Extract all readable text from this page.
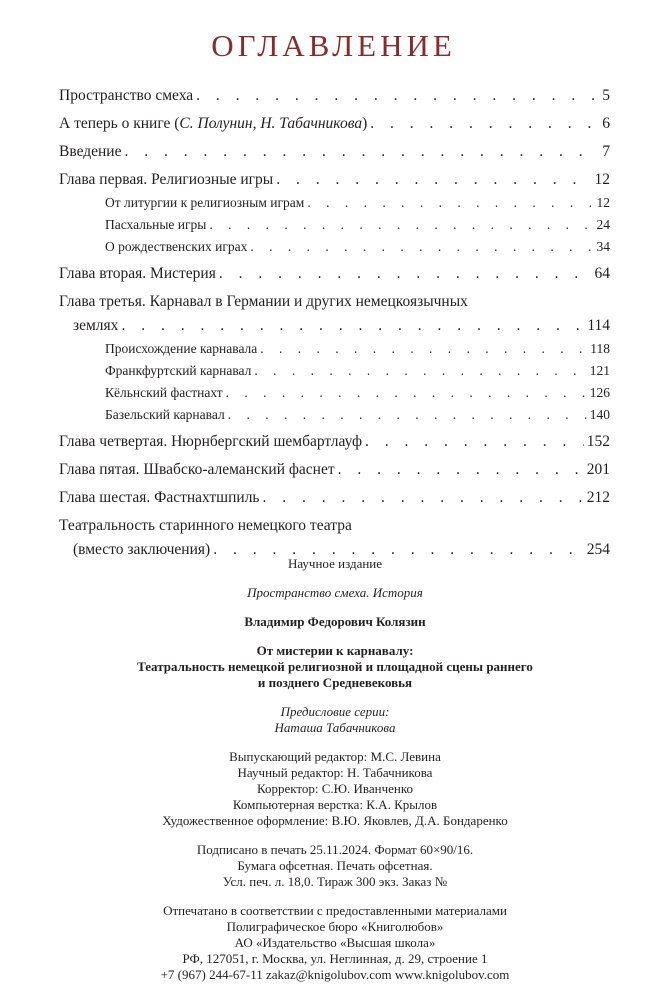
ОГЛАВЛЕНИЕ
Пространство смеха . . .	5
А теперь о книге (С. Полунин, Н. Табачникова) . . .	6
Введение . . .	7
Глава первая. Религиозные игры . . .	12
От литургии к религиозным играм . . .	12
Пасхальные игры . . .	24
О рождественских играх . . .	34
Глава вторая. Мистерия . . .	64
Глава третья. Карнавал в Германии и других немецкоязычных
землях . . .	114
Происхождение карнавала . . .	118
Франкфуртский карнавал . . .	121
Кёльнский фастнахт . . .	126
Базельский карнавал . . .	140
Глава четвертая. Нюрнбергский шембартлауф . . .	152
Глава пятая. Швабско-алеманский фаснет . . .	201
Глава шестая. Фастнахтшпиль . . .	212
Театральность старинного немецкого театра
(вместо заключения) . . .	254

Научное издание

Пространство смеха. История

Владимир Федорович Колязин

От мистерии к карнавалу:

Театральность немецкой религиозной и площадной сцены раннего

и позднего Средневековья

Предисловие серии:

Наташа Табачникова

Выпускающий редактор: М.С. Левина

Научный редактор: Н. Табачникова

Корректор: С.Ю. Иванченко

Компьютерная верстка: К.А. Крылов

Художественное оформление: В.Ю. Яковлев, Д.А. Бондаренко

Подписано в печать 25.11.2024. Формат 60×90/16.

Бумага офсетная. Печать офсетная.

Усл. печ. л. 18,0. Тираж 300 экз. Заказ №

Отпечатано в соответствии с предоставленными материалами

Полиграфическое бюро «Книголюбов»

АО «Издательство «Высшая школа»

РФ, 127051, г. Москва, ул. Неглинная, д. 29, строение 1

+7 (967) 244-67-11 zakaz@knigolubov.com www.knigolubov.com
